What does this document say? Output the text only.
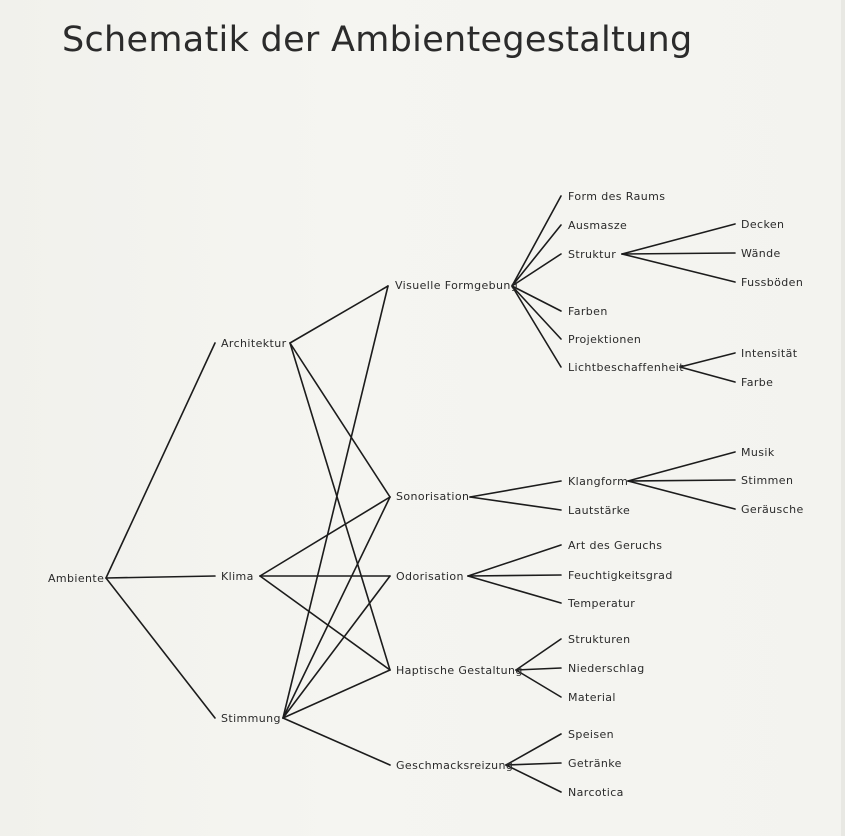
Schematik der Ambientegestaltung
Ambiente
Architektur
Klima
Stimmung
Visuelle Formgebung
Sonorisation
Odorisation
Haptische Gestaltung
Geschmacksreizung
Form des Raums
Ausmasze
Struktur
Farben
Projektionen
Lichtbeschaffenheit
Decken
Wände
Fussböden
Intensität
Farbe
Klangform
Lautstärke
Musik
Stimmen
Geräusche
Art des Geruchs
Feuchtigkeitsgrad
Temperatur
Strukturen
Niederschlag
Material
Speisen
Getränke
Narcotica
